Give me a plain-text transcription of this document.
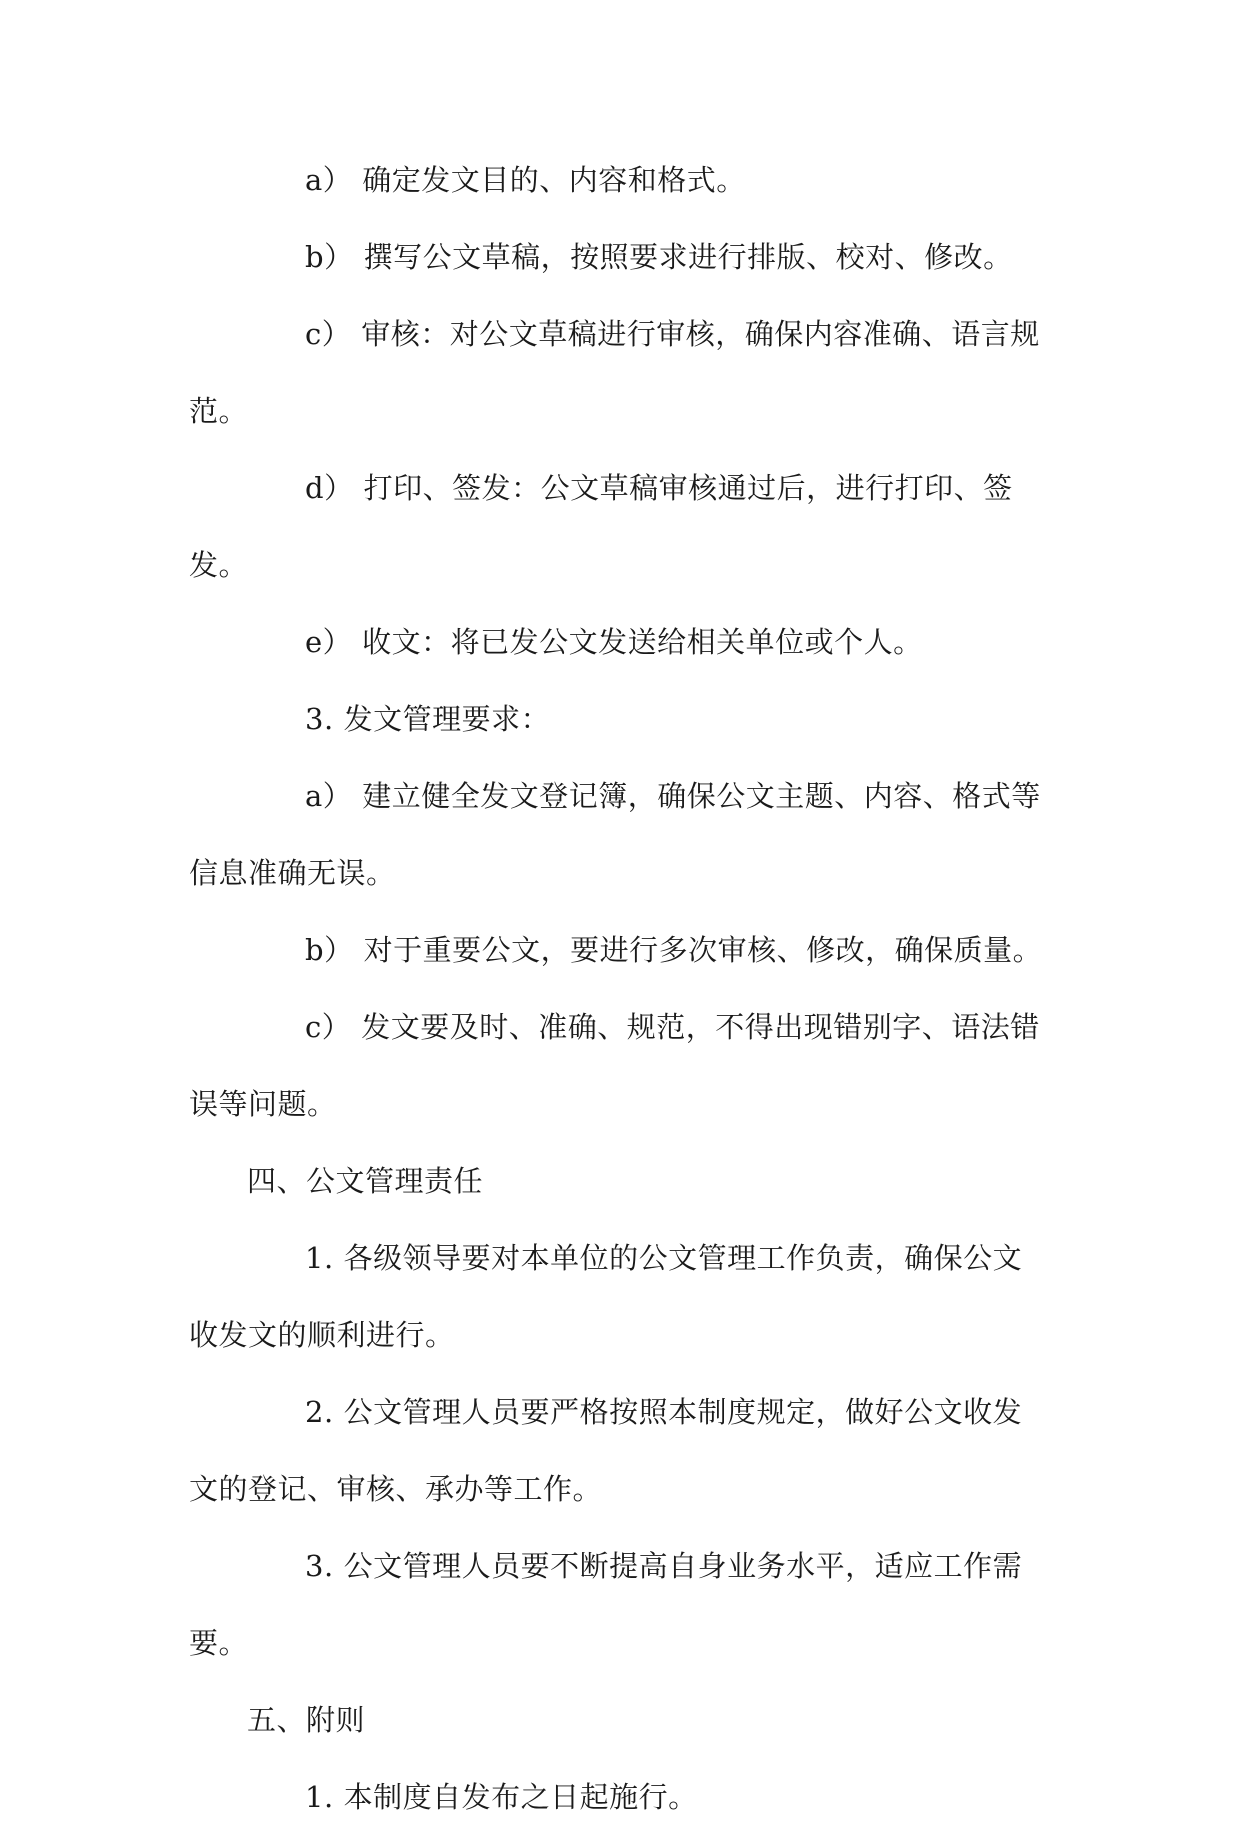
a） 确定发文目的、内容和格式。

b） 撰写公文草稿，按照要求进行排版、校对、修改。

c） 审核：对公文草稿进行审核，确保内容准确、语言规范。

d） 打印、签发：公文草稿审核通过后，进行打印、签发。

e） 收文：将已发公文发送给相关单位或个人。

3. 发文管理要求：

a） 建立健全发文登记簿，确保公文主题、内容、格式等信息准确无误。

b） 对于重要公文，要进行多次审核、修改，确保质量。

c） 发文要及时、准确、规范，不得出现错别字、语法错误等问题。

四、公文管理责任

1. 各级领导要对本单位的公文管理工作负责，确保公文收发文的顺利进行。

2. 公文管理人员要严格按照本制度规定，做好公文收发文的登记、审核、承办等工作。

3. 公文管理人员要不断提高自身业务水平，适应工作需要。

五、附则

1. 本制度自发布之日起施行。
